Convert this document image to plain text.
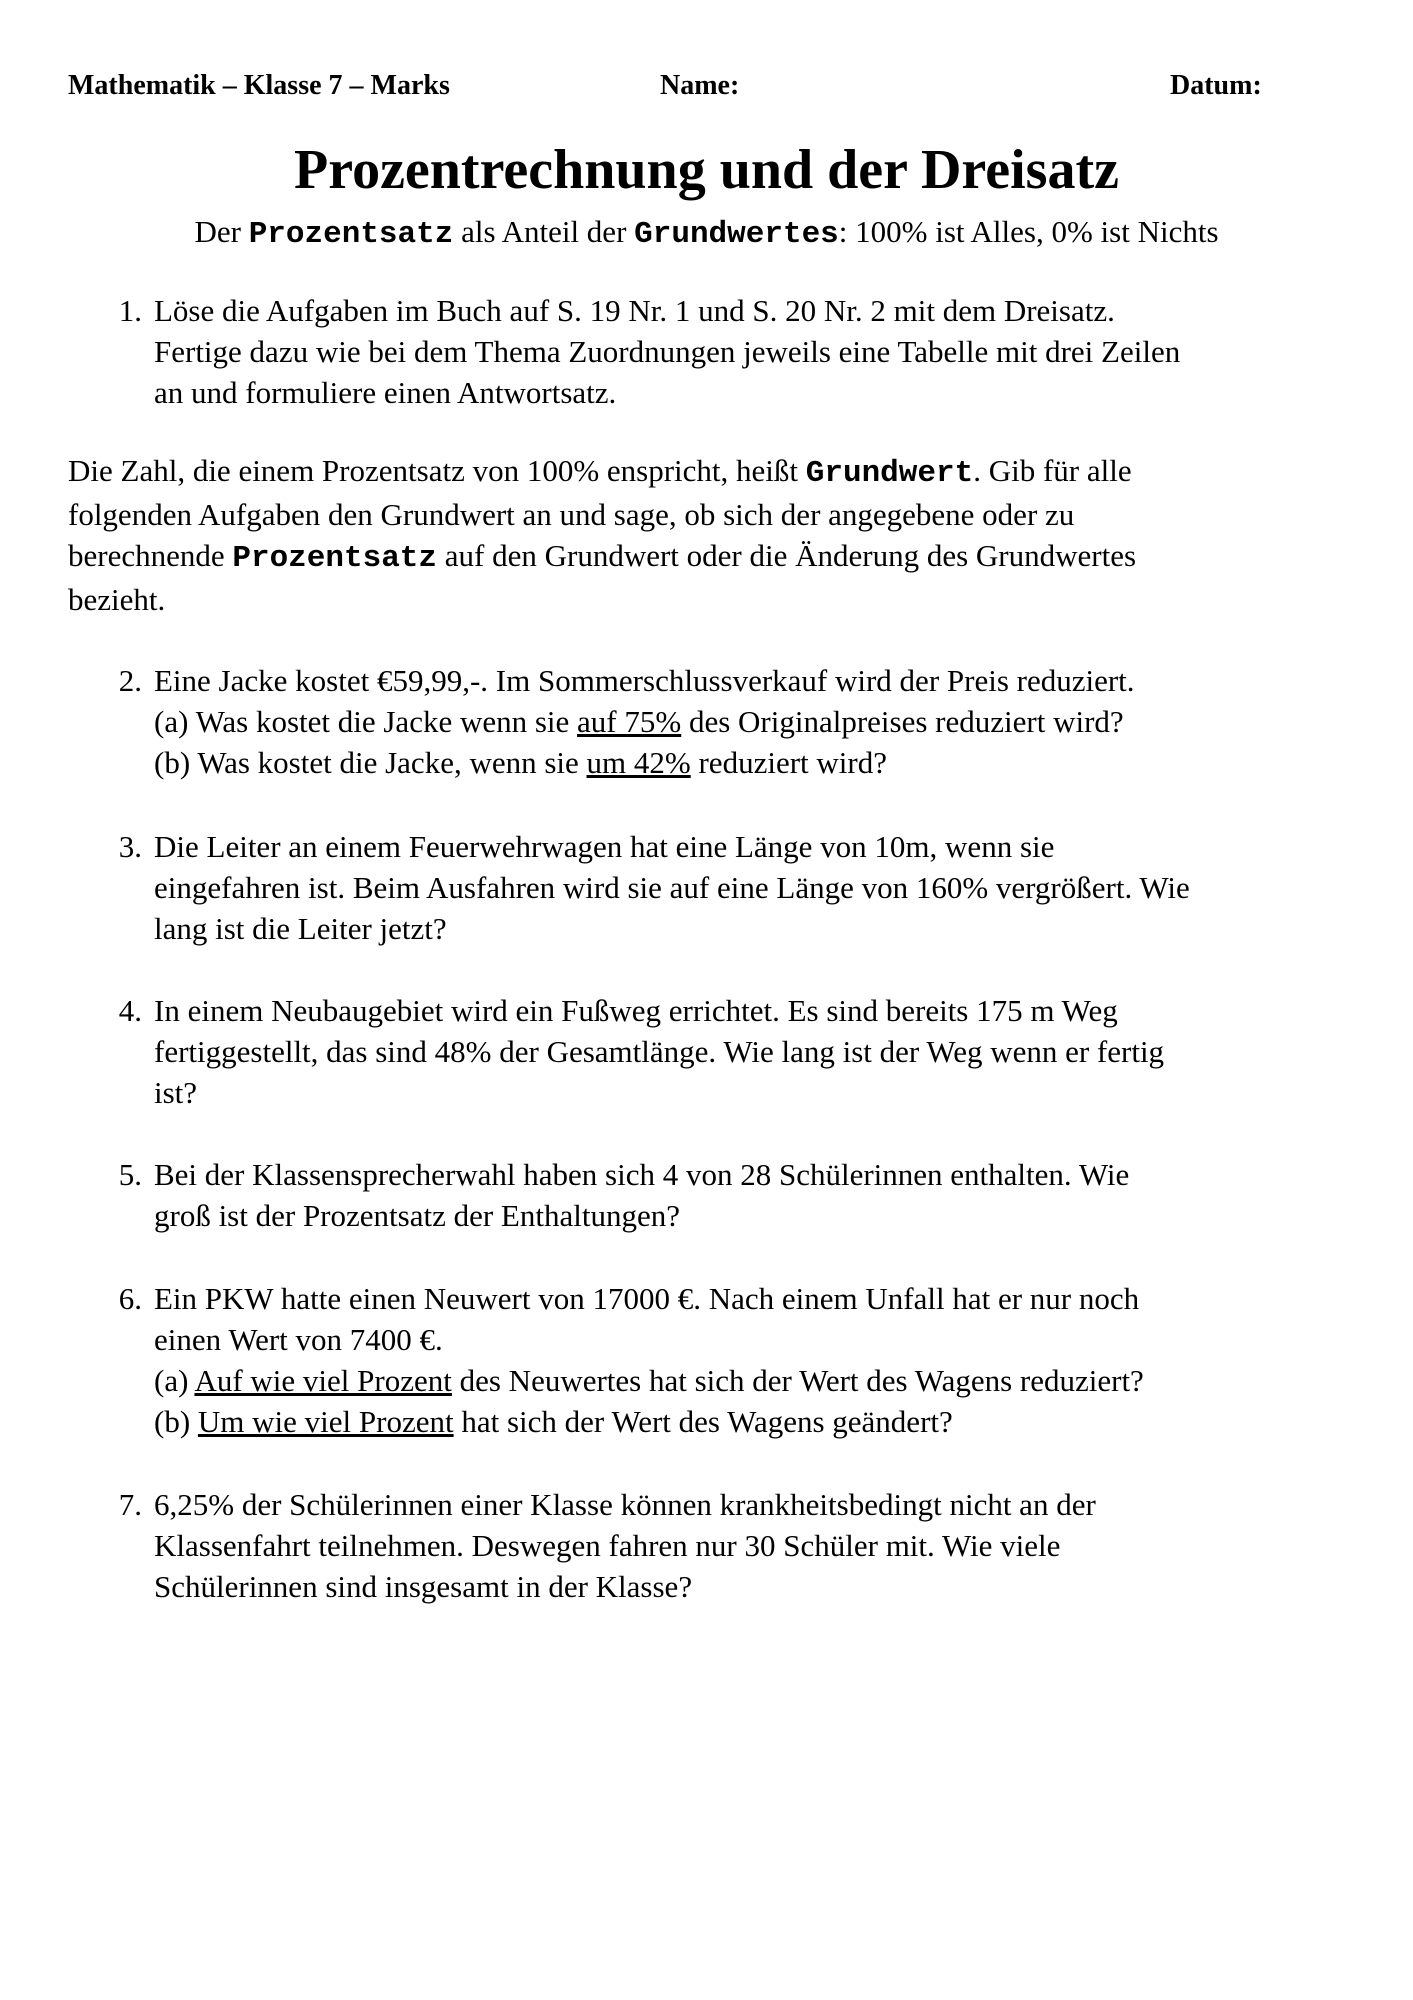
Mathematik – Klasse 7 – Marks	Name:	Datum:
Prozentrechnung und der Dreisatz
Der Prozentsatz als Anteil der Grundwertes: 100% ist Alles, 0% ist Nichts
1. Löse die Aufgaben im Buch auf S. 19 Nr. 1 und S. 20 Nr. 2 mit dem Dreisatz.
Fertige dazu wie bei dem Thema Zuordnungen jeweils eine Tabelle mit drei Zeilen
an und formuliere einen Antwortsatz.
Die Zahl, die einem Prozentsatz von 100% enspricht, heißt Grundwert. Gib für alle
folgenden Aufgaben den Grundwert an und sage, ob sich der angegebene oder zu
berechnende Prozentsatz auf den Grundwert oder die Änderung des Grundwertes
bezieht.
2. Eine Jacke kostet €59,99,-. Im Sommerschlussverkauf wird der Preis reduziert.
(a) Was kostet die Jacke wenn sie auf 75% des Originalpreises reduziert wird?
(b) Was kostet die Jacke, wenn sie um 42% reduziert wird?
3. Die Leiter an einem Feuerwehrwagen hat eine Länge von 10m, wenn sie
eingefahren ist. Beim Ausfahren wird sie auf eine Länge von 160% vergrößert. Wie
lang ist die Leiter jetzt?
4. In einem Neubaugebiet wird ein Fußweg errichtet. Es sind bereits 175 m Weg
fertiggestellt, das sind 48% der Gesamtlänge. Wie lang ist der Weg wenn er fertig
ist?
5. Bei der Klassensprecherwahl haben sich 4 von 28 Schülerinnen enthalten. Wie
groß ist der Prozentsatz der Enthaltungen?
6. Ein PKW hatte einen Neuwert von 17000 €. Nach einem Unfall hat er nur noch
einen Wert von 7400 €.
(a) Auf wie viel Prozent des Neuwertes hat sich der Wert des Wagens reduziert?
(b) Um wie viel Prozent hat sich der Wert des Wagens geändert?
7. 6,25% der Schülerinnen einer Klasse können krankheitsbedingt nicht an der
Klassenfahrt teilnehmen. Deswegen fahren nur 30 Schüler mit. Wie viele
Schülerinnen sind insgesamt in der Klasse?
